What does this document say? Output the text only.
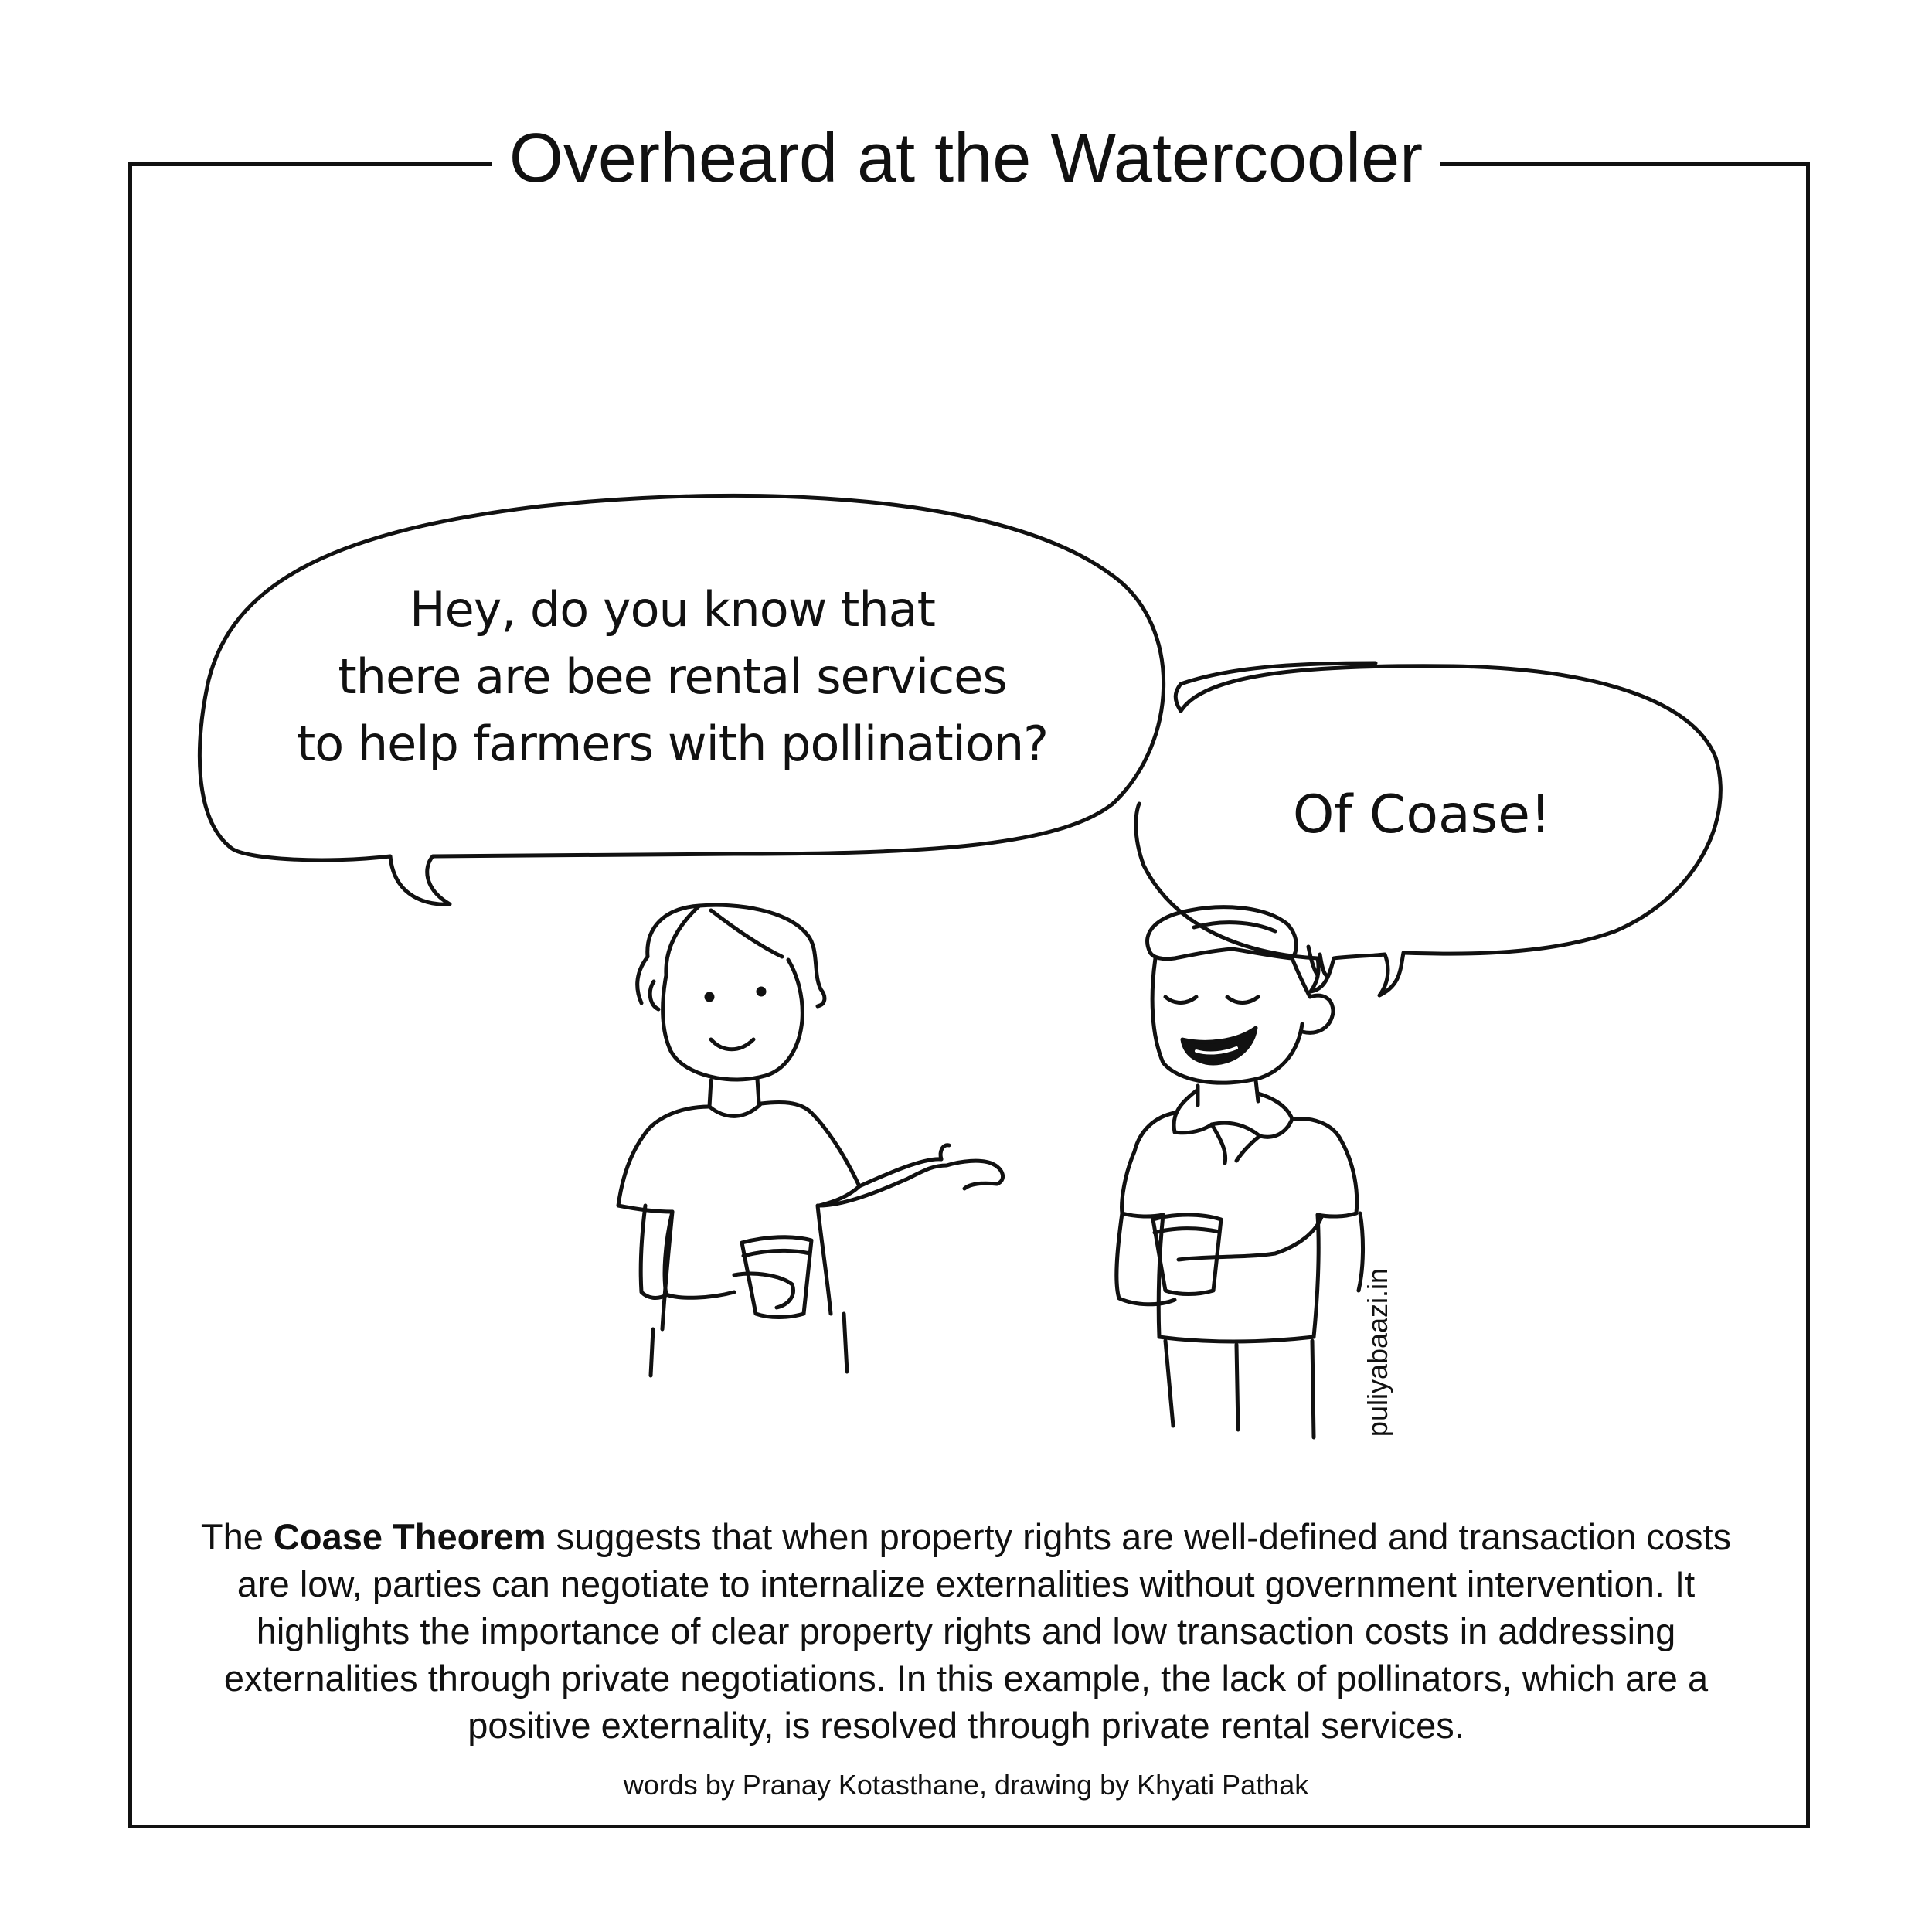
Overheard at the Watercooler
Hey, do you know that
there are bee rental services
to help farmers with pollination?
Of Coase!
puliyabaazi.in
The Coase Theorem suggests that when property rights are well-defined and transaction costs are low, parties can negotiate to internalize externalities without government intervention. It highlights the importance of clear property rights and low transaction costs in addressing externalities through private negotiations. In this example, the lack of pollinators, which are a positive externality, is resolved through private rental services.
words by Pranay Kotasthane, drawing by Khyati Pathak
